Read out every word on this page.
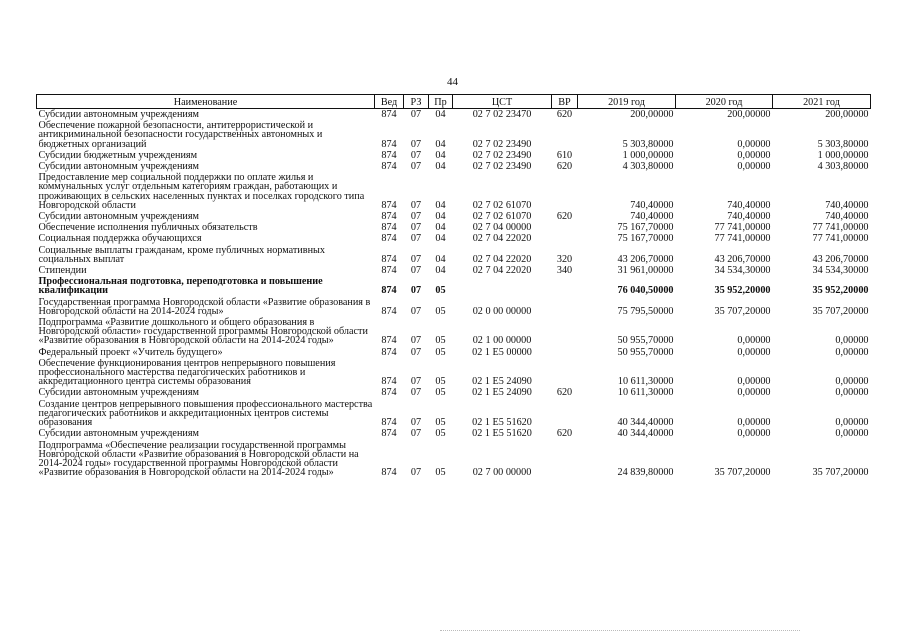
44
Наименование	Вед	РЗ	Пр	ЦСТ	ВР	2019 год	2020 год	2021 год
Субсидии автономным учреждениям	874	07	04	02 7 02 23470	620	200,00000	200,00000	200,00000
Обеспечение пожарной безопасности, антитеррористической и антикриминальной безопасности государственных автономных и бюджетных организаций	874	07	04	02 7 02 23490		5 303,80000	0,00000	5 303,80000
Субсидии бюджетным учреждениям	874	07	04	02 7 02 23490	610	1 000,00000	0,00000	1 000,00000
Субсидии автономным учреждениям	874	07	04	02 7 02 23490	620	4 303,80000	0,00000	4 303,80000
Предоставление мер социальной поддержки по оплате жилья и коммунальных услуг отдельным категориям граждан, работающих и проживающих в сельских населенных пунктах и поселках городского типа Новгородской области	874	07	04	02 7 02 61070		740,40000	740,40000	740,40000
Субсидии автономным учреждениям	874	07	04	02 7 02 61070	620	740,40000	740,40000	740,40000
Обеспечение исполнения публичных обязательств	874	07	04	02 7 04 00000		75 167,70000	77 741,00000	77 741,00000
Социальная поддержка обучающихся	874	07	04	02 7 04 22020		75 167,70000	77 741,00000	77 741,00000
Социальные выплаты гражданам, кроме публичных нормативных социальных выплат	874	07	04	02 7 04 22020	320	43 206,70000	43 206,70000	43 206,70000
Стипендии	874	07	04	02 7 04 22020	340	31 961,00000	34 534,30000	34 534,30000
Профессиональная подготовка, переподготовка и повышение квалификации	874	07	05			76 040,50000	35 952,20000	35 952,20000
Государственная программа Новгородской области «Развитие образования в Новгородской области на 2014-2024 годы»	874	07	05	02 0 00 00000		75 795,50000	35 707,20000	35 707,20000
Подпрограмма «Развитие дошкольного и общего образования в Новгородской области» государственной программы Новгородской области «Развитие образования в Новгородской области на 2014-2024 годы»	874	07	05	02 1 00 00000		50 955,70000	0,00000	0,00000
Федеральный проект «Учитель будущего»	874	07	05	02 1 E5 00000		50 955,70000	0,00000	0,00000
Обеспечение функционирования центров непрерывного повышения профессионального мастерства педагогических работников и аккредитационного центра системы образования	874	07	05	02 1 E5 24090		10 611,30000	0,00000	0,00000
Субсидии автономным учреждениям	874	07	05	02 1 E5 24090	620	10 611,30000	0,00000	0,00000
Создание центров непрерывного повышения профессионального мастерства педагогических работников и аккредитационных центров системы образования	874	07	05	02 1 E5 51620		40 344,40000	0,00000	0,00000
Субсидии автономным учреждениям	874	07	05	02 1 E5 51620	620	40 344,40000	0,00000	0,00000
Подпрограмма «Обеспечение реализации государственной программы Новгородской области «Развитие образования в Новгородской области на 2014-2024 годы» государственной программы Новгородской области «Развитие образования в Новгородской области на 2014-2024 годы»	874	07	05	02 7 00 00000		24 839,80000	35 707,20000	35 707,20000
